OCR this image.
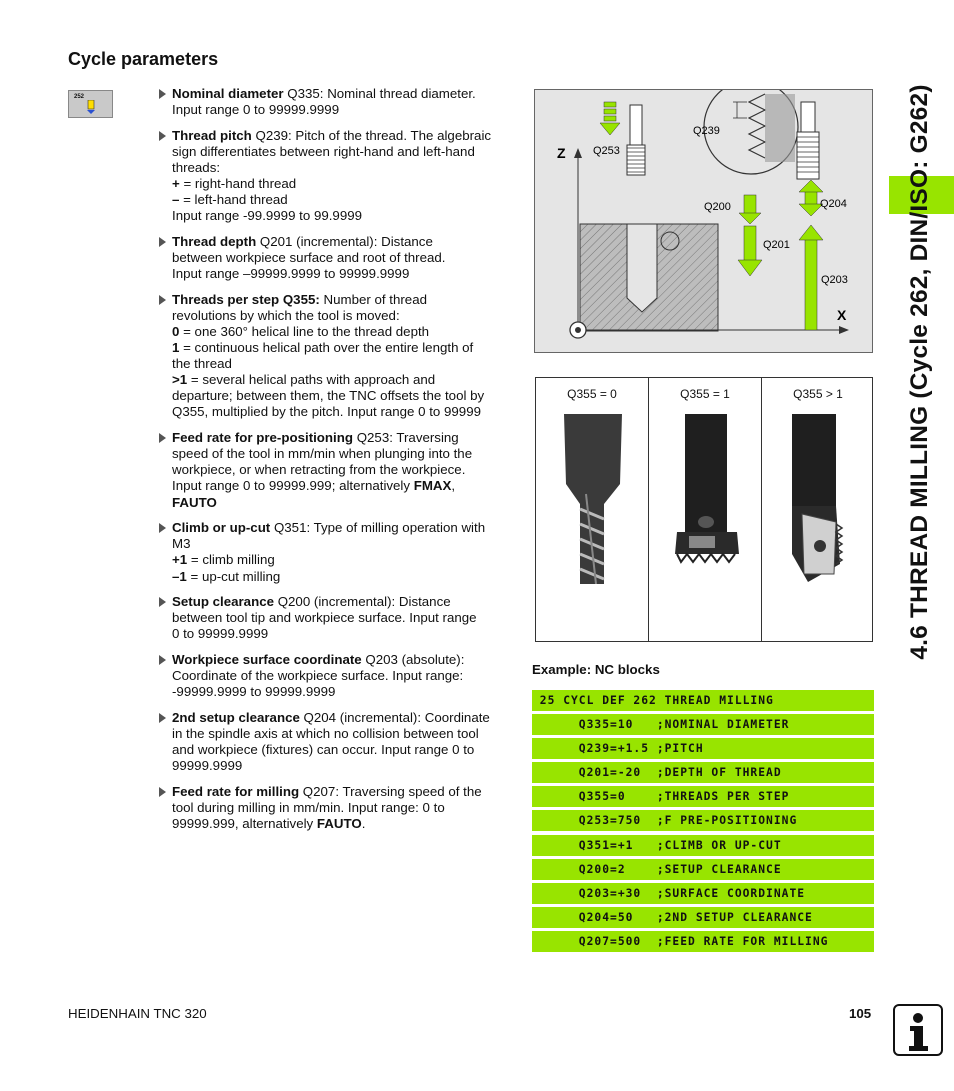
Cycle parameters
252	Nominal diameter Q335: Nominal thread diameter.
Input range 0 to 99999.9999
Thread pitch Q239: Pitch of the thread. The algebraic
sign differentiates between right-hand and left-hand
threads:
+ = right-hand thread
– = left-hand thread
Input range -99.9999 to 99.9999
Thread depth Q201 (incremental): Distance
between workpiece surface and root of thread.
Input range –99999.9999 to 99999.9999
Threads per step Q355: Number of thread
revolutions by which the tool is moved:
0 = one 360° helical line to the thread depth
1 = continuous helical path over the entire length of
the thread
>1 = several helical paths with approach and
departure; between them, the TNC offsets the tool by
Q355, multiplied by the pitch. Input range 0 to 99999
Feed rate for pre-positioning Q253: Traversing
speed of the tool in mm/min when plunging into the
workpiece, or when retracting from the workpiece.
Input range 0 to 99999.999; alternatively FMAX,
FAUTO
Climb or up-cut Q351: Type of milling operation with
M3
+1 = climb milling
–1 = up-cut milling
Setup clearance Q200 (incremental): Distance
between tool tip and workpiece surface. Input range
0 to 99999.9999
Workpiece surface coordinate Q203 (absolute):
Coordinate of the workpiece surface. Input range:
-99999.9999 to 99999.9999
2nd setup clearance Q204 (incremental): Coordinate
in the spindle axis at which no collision between tool
and workpiece (fixtures) can occur. Input range 0 to
99999.9999
Feed rate for milling Q207: Traversing speed of the
tool during milling in mm/min. Input range: 0 to
99999.999, alternatively FAUTO.
4.6 THREAD MILLING (Cycle 262, DIN/ISO: G262)
Z
X
Q239
Q253
Q200	Q204
Q201
Q203
Q355 = 0	Q355 = 1	Q355 > 1
Example: NC blocks
25 CYCL DEF 262 THREAD MILLING
Q335=10   ;NOMINAL DIAMETER
Q239=+1.5 ;PITCH
Q201=-20  ;DEPTH OF THREAD
Q355=0    ;THREADS PER STEP
Q253=750  ;F PRE-POSITIONING
Q351=+1   ;CLIMB OR UP-CUT
Q200=2    ;SETUP CLEARANCE
Q203=+30  ;SURFACE COORDINATE
Q204=50   ;2ND SETUP CLEARANCE
Q207=500  ;FEED RATE FOR MILLING
HEIDENHAIN TNC 320	105
